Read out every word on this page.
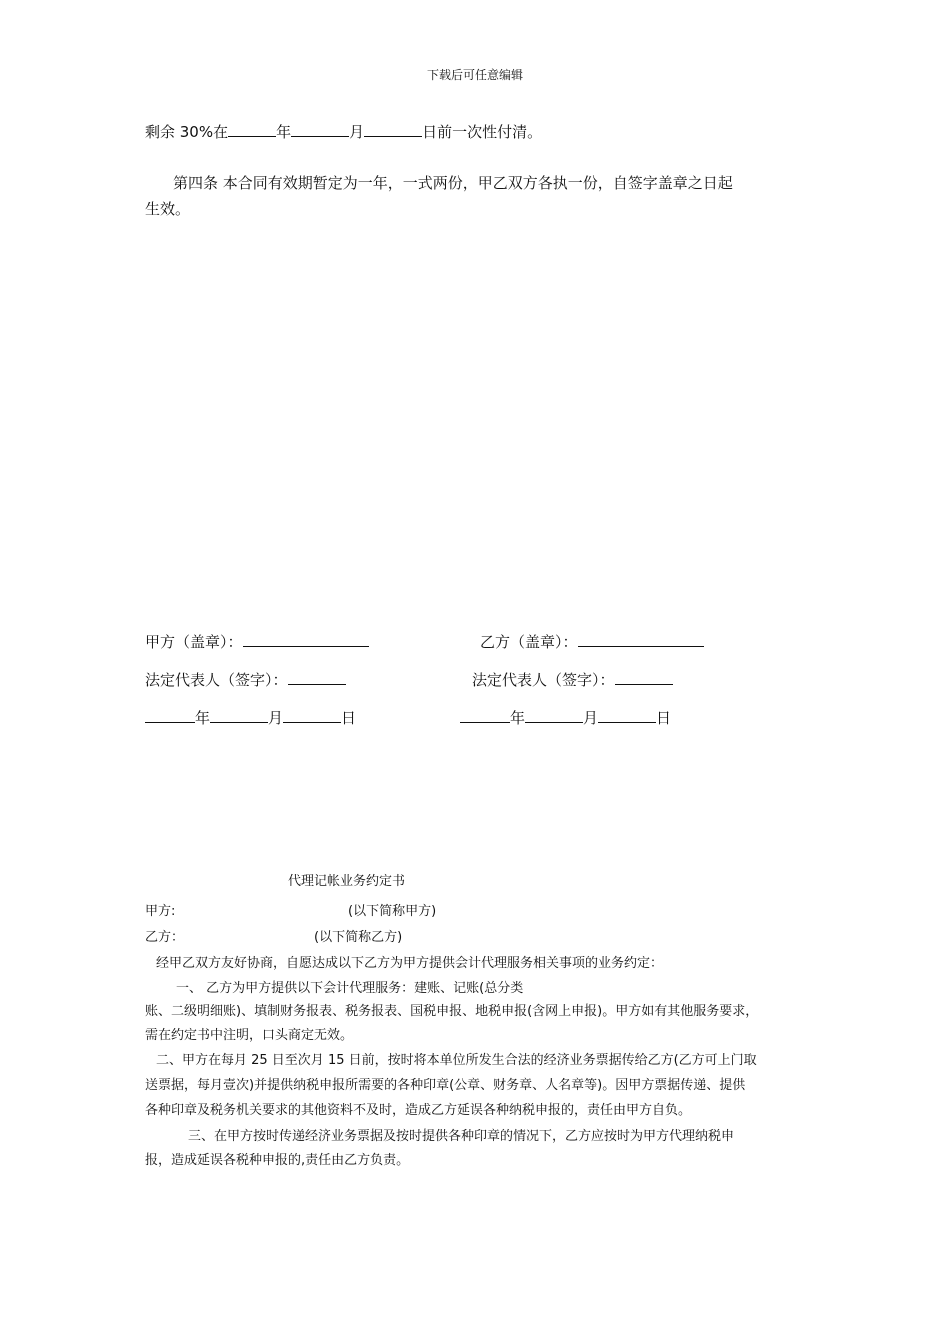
下载后可任意编辑
剩余 30%在	年	月	日前一次性付清。
第四条 本合同有效期暂定为一年，一式两份，甲乙双方各执一份，自签字盖章之日起
生效。
甲方（盖章）：	乙方（盖章）：
法定代表人（签字）：	法定代表人（签字）：
年	月	日	年	月	日
代理记帐业务约定书
甲方:	(以下简称甲方)
乙方：	(以下简称乙方)
经甲乙双方友好协商，自愿达成以下乙方为甲方提供会计代理服务相关事项的业务约定：
一、 乙方为甲方提供以下会计代理服务：建账、记账(总分类
账、二级明细账)、填制财务报表、税务报表、国税申报、地税申报(含网上申报)。甲方如有其他服务要求，
需在约定书中注明，口头商定无效。
二、甲方在每月 25 日至次月 15 日前，按时将本单位所发生合法的经济业务票据传给乙方(乙方可上门取
送票据，每月壹次)并提供纳税申报所需要的各种印章(公章、财务章、人名章等)。因甲方票据传递、提供
各种印章及税务机关要求的其他资料不及时，造成乙方延误各种纳税申报的，责任由甲方自负。
三、在甲方按时传递经济业务票据及按时提供各种印章的情况下，乙方应按时为甲方代理纳税申
报，造成延误各税种申报的,责任由乙方负责。
